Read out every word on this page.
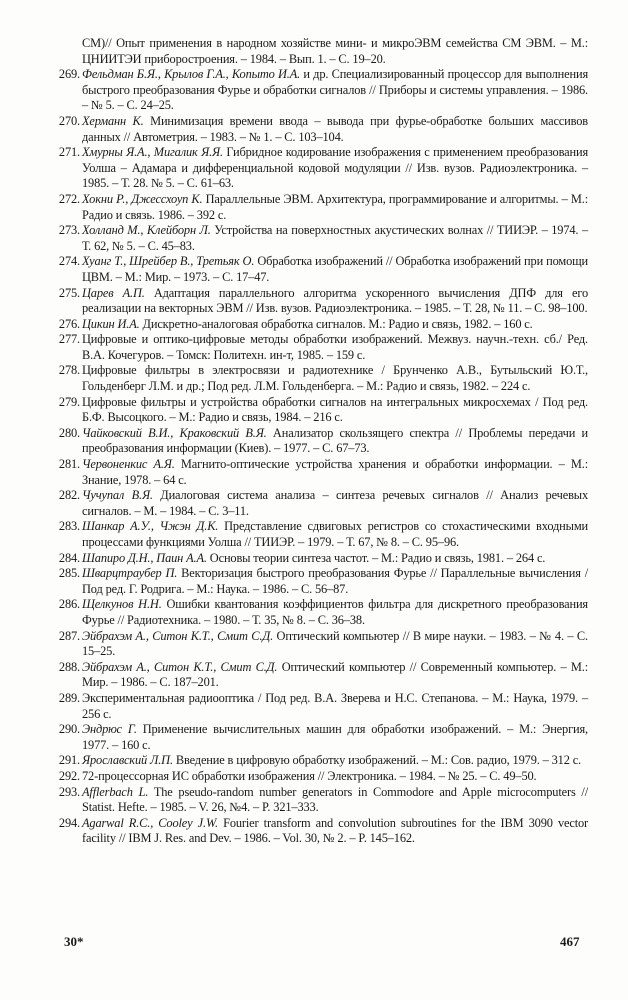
СМ)// Опыт применения в народном хозяйстве мини- и микроЭВМ семейства СМ ЭВМ. – М.: ЦНИИТЭИ приборостроения. – 1984. – Вып. 1. – С. 19–20.

269. Фельдман Б.Я., Крылов Г.А., Копыто И.А. и др. Специализированный процессор для выполнения быстрого преобразования Фурье и обработки сигналов // Приборы и системы управления. – 1986. – № 5. – С. 24–25.

270. Херманн К. Минимизация времени ввода – вывода при фурье-обработке больших массивов данных // Автометрия. – 1983. – № 1. – С. 103–104.

271. Хмурны Я.А., Мигалик Я.Я. Гибридное кодирование изображения с применением преобразования Уолша – Адамара и дифференциальной кодовой модуляции // Изв. вузов. Радиоэлектроника. – 1985. – Т. 28. № 5. – С. 61–63.

272. Хокни Р., Джессхоуп К. Параллельные ЭВМ. Архитектура, программирование и алгоритмы. – М.: Радио и связь. 1986. – 392 с.

273. Холланд М., Клейборн Л. Устройства на поверхностных акустических волнах // ТИИЭР. – 1974. – Т. 62, № 5. – С. 45–83.

274. Хуанг Т., Шрейбер В., Третьяк О. Обработка изображений // Обработка изображений при помощи ЦВМ. – М.: Мир. – 1973. – С. 17–47.

275. Царев А.П. Адаптация параллельного алгоритма ускоренного вычисления ДПФ для его реализации на векторных ЭВМ // Изв. вузов. Радиоэлектроника. – 1985. – Т. 28, № 11. – С. 98–100.

276. Цикин И.А. Дискретно-аналоговая обработка сигналов. М.: Радио и связь, 1982. – 160 с.

277. Цифровые и оптико-цифровые методы обработки изображений. Межвуз. научн.-техн. сб./ Ред. В.А. Кочегуров. – Томск: Политехн. ин-т, 1985. – 159 с.

278. Цифровые фильтры в электросвязи и радиотехнике / Брунченко А.В., Бутыльский Ю.Т., Гольденберг Л.М. и др.; Под ред. Л.М. Гольденберга. – М.: Радио и связь, 1982. – 224 с.

279. Цифровые фильтры и устройства обработки сигналов на интегральных микросхемах / Под ред. Б.Ф. Высоцкого. – М.: Радио и связь, 1984. – 216 с.

280. Чайковский В.И., Краковский В.Я. Анализатор скользящего спектра // Проблемы передачи и преобразования информации (Киев). – 1977. – С. 67–73.

281. Червоненкис А.Я. Магнито-оптические устройства хранения и обработки информации. – М.: Знание, 1978. – 64 с.

282. Чучупал В.Я. Диалоговая система анализа – синтеза речевых сигналов // Анализ речевых сигналов. – М. – 1984. – С. 3–11.

283. Шанкар А.У., Чжэн Д.К. Представление сдвиговых регистров со стохастическими входными процессами функциями Уолша // ТИИЭР. – 1979. – Т. 67, № 8. – С. 95–96.

284. Шапиро Д.Н., Паин А.А. Основы теории синтеза частот. – М.: Радио и связь, 1981. – 264 с.

285. Шварцтраубер П. Векторизация быстрого преобразования Фурье // Параллельные вычисления / Под ред. Г. Родрига. – М.: Наука. – 1986. – С. 56–87.

286. Щелкунов Н.Н. Ошибки квантования коэффициентов фильтра для дискретного преобразования Фурье // Радиотехника. – 1980. – Т. 35, № 8. – С. 36–38.

287. Эйбрахэм А., Ситон К.Т., Смит С.Д. Оптический компьютер // В мире науки. – 1983. – № 4. – С. 15–25.

288. Эйбрахэм А., Ситон К.Т., Смит С.Д. Оптический компьютер // Современный компьютер. – М.: Мир. – 1986. – С. 187–201.

289. Экспериментальная радиооптика / Под ред. В.А. Зверева и Н.С. Степанова. – М.: Наука, 1979. – 256 с.

290. Эндрюс Г. Применение вычислительных машин для обработки изображений. – М.: Энергия, 1977. – 160 с.

291. Ярославский Л.П. Введение в цифровую обработку изображений. – М.: Сов. радио, 1979. – 312 с.

292. 72-процессорная ИС обработки изображения // Электроника. – 1984. – № 25. – С. 49–50.

293. Afflerbach L. The pseudo-random number generators in Commodore and Apple microcomputers // Statist. Hefte. – 1985. – V. 26, №4. – P. 321–333.

294. Agarwal R.C., Cooley J.W. Fourier transform and convolution subroutines for the IBM 3090 vector facility // IBM J. Res. and Dev. – 1986. – Vol. 30, № 2. – P. 145–162.

30*	467
